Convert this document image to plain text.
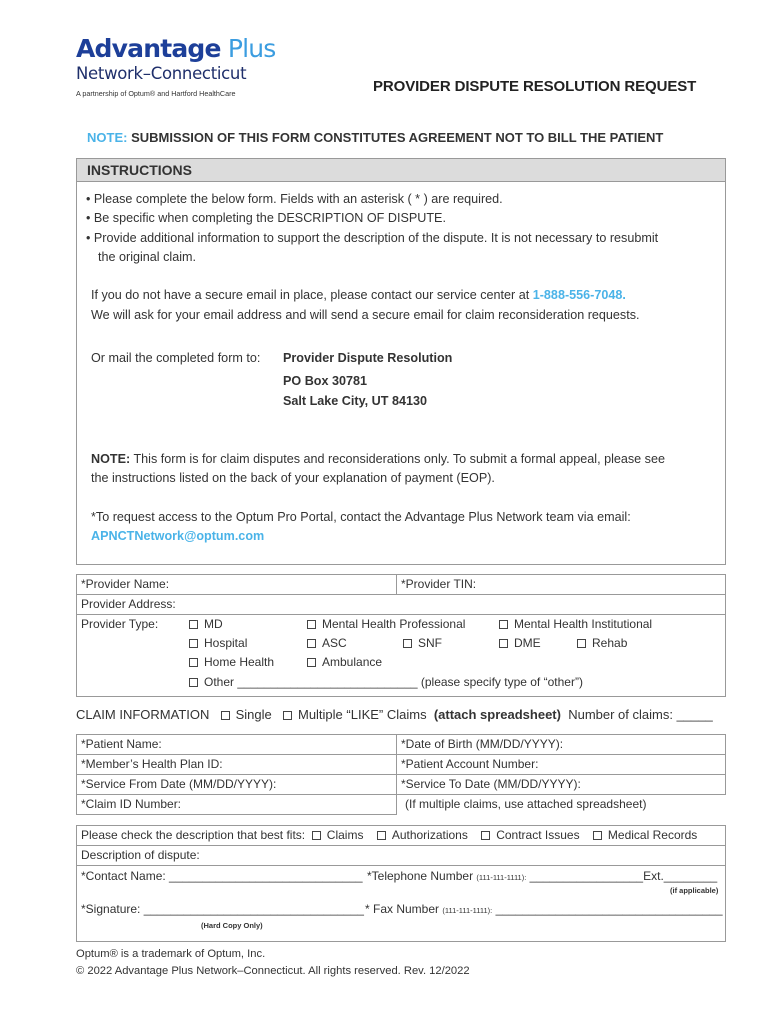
Advantage Plus
Network–Connecticut
A partnership of Optum® and Hartford HealthCare	PROVIDER DISPUTE RESOLUTION REQUEST
NOTE: SUBMISSION OF THIS FORM CONSTITUTES AGREEMENT NOT TO BILL THE PATIENT
INSTRUCTIONS
• Please complete the below form. Fields with an asterisk ( * ) are required.
• Be specific when completing the DESCRIPTION OF DISPUTE.
• Provide additional information to support the description of the dispute. It is not necessary to resubmit
the original claim.
If you do not have a secure email in place, please contact our service center at 1-888-556-7048.
We will ask for your email address and will send a secure email for claim reconsideration requests.
Or mail the completed form to: Provider Dispute Resolution
PO Box 30781
Salt Lake City, UT 84130
NOTE: This form is for claim disputes and reconsiderations only. To submit a formal appeal, please see
the instructions listed on the back of your explanation of payment (EOP).
*To request access to the Optum Pro Portal, contact the Advantage Plus Network team via email:
APNCTNetwork@optum.com
*Provider Name:	*Provider TIN:
Provider Address:

Provider Type:	MD	Mental Health Professional	Mental Health Institutional
Hospital	ASC	SNF	DME	Rehab
Home Health	Ambulance
Other ___________________________ (please specify type of “other”)
CLAIM INFORMATION Single Multiple “LIKE” Claims (attach spreadsheet) Number of claims: _____
*Patient Name:	*Date of Birth (MM/DD/YYYY):
*Member’s Health Plan ID:	*Patient Account Number:
*Service From Date (MM/DD/YYYY):	*Service To Date (MM/DD/YYYY):
*Claim ID Number:	(If multiple claims, use attached spreadsheet)
Please check the description that best fits: Claims Authorizations Contract Issues Medical Records
Description of dispute:

*Contact Name: _____________________________ *Telephone Number (111-111-1111): _________________Ext.________
(if applicable)
*Signature: _________________________________ * Fax Number (111-111-1111): __________________________________
(Hard Copy Only)
Optum® is a trademark of Optum, Inc.
© 2022 Advantage Plus Network–Connecticut. All rights reserved. Rev. 12/2022
